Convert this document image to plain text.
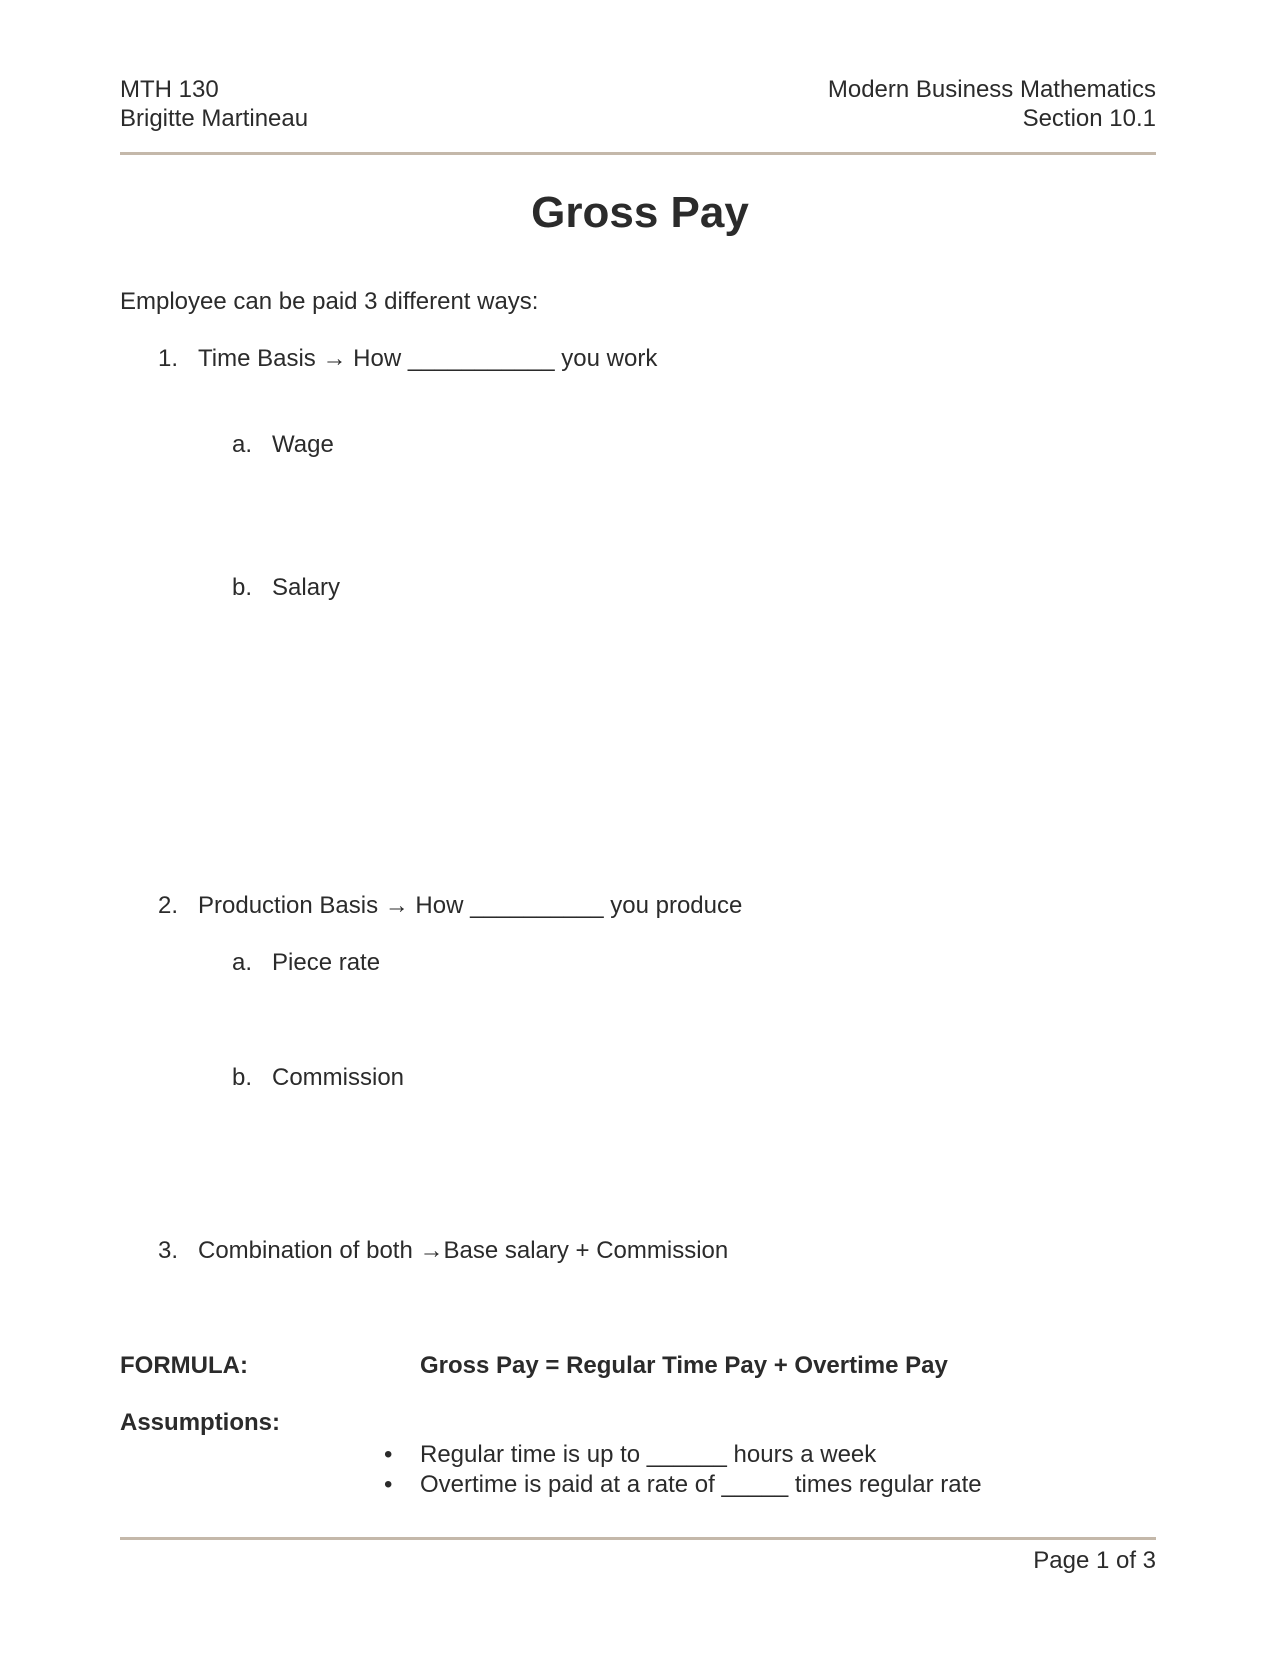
MTH 130
Brigitte Martineau
Modern Business Mathematics
Section 10.1
Gross Pay
Employee can be paid 3 different ways:
1. Time Basis → How ___________ you work
a. Wage
b. Salary
2. Production Basis → How __________ you produce
a. Piece rate
b. Commission
3. Combination of both →Base salary + Commission
FORMULA:	Gross Pay = Regular Time Pay + Overtime Pay
Assumptions:
• Regular time is up to ______ hours a week
• Overtime is paid at a rate of _____ times regular rate
Page 1 of 3
